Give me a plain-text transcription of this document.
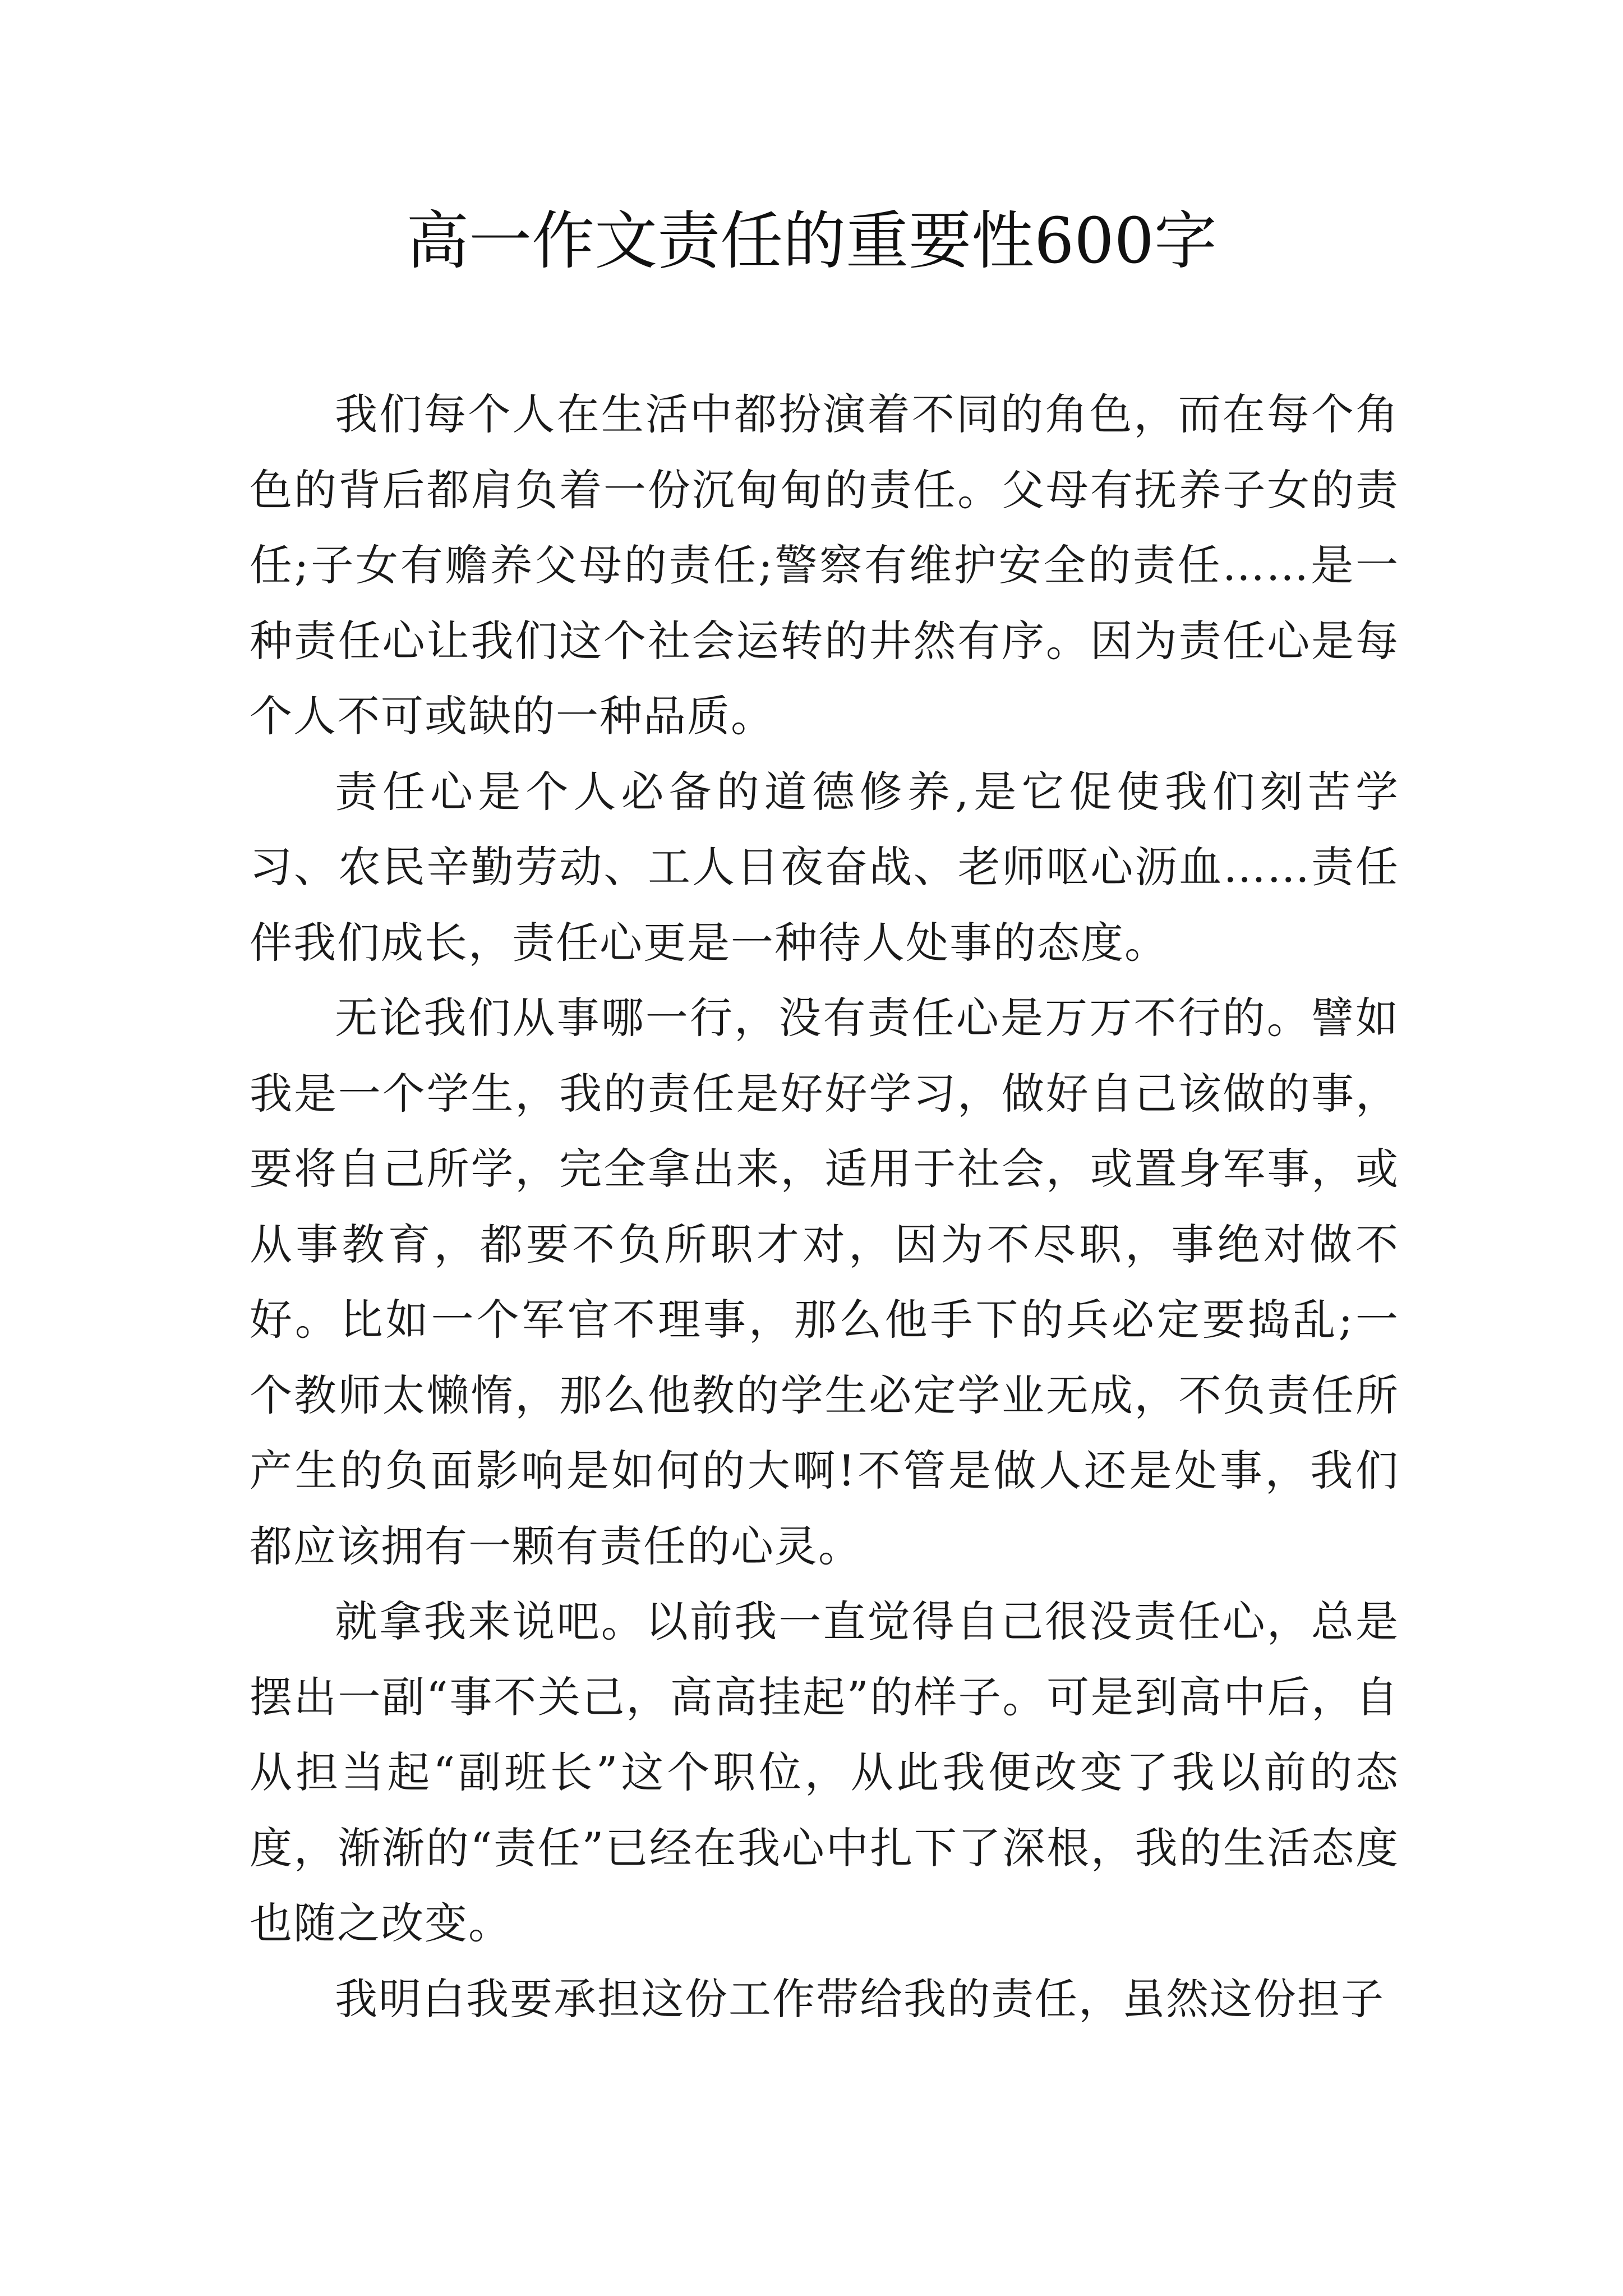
高一作文责任的重要性600字

我们每个人在生活中都扮演着不同的角色，而在每个角色的背后都肩负着一份沉甸甸的责任。父母有抚养子女的责任;子女有赡养父母的责任;警察有维护安全的责任……是一种责任心让我们这个社会运转的井然有序。因为责任心是每个人不可或缺的一种品质。

责任心是个人必备的道德修养,是它促使我们刻苦学习、农民辛勤劳动、工人日夜奋战、老师呕心沥血……责任伴我们成长，责任心更是一种待人处事的态度。

无论我们从事哪一行，没有责任心是万万不行的。譬如我是一个学生，我的责任是好好学习，做好自己该做的事，要将自己所学，完全拿出来，适用于社会，或置身军事，或从事教育，都要不负所职才对，因为不尽职，事绝对做不好。比如一个军官不理事，那么他手下的兵必定要捣乱;一个教师太懒惰，那么他教的学生必定学业无成，不负责任所产生的负面影响是如何的大啊!不管是做人还是处事，我们都应该拥有一颗有责任的心灵。

就拿我来说吧。以前我一直觉得自己很没责任心，总是摆出一副“事不关己，高高挂起”的样子。可是到高中后，自从担当起“副班长”这个职位，从此我便改变了我以前的态度，渐渐的“责任”已经在我心中扎下了深根，我的生活态度也随之改变。

我明白我要承担这份工作带给我的责任，虽然这份担子
